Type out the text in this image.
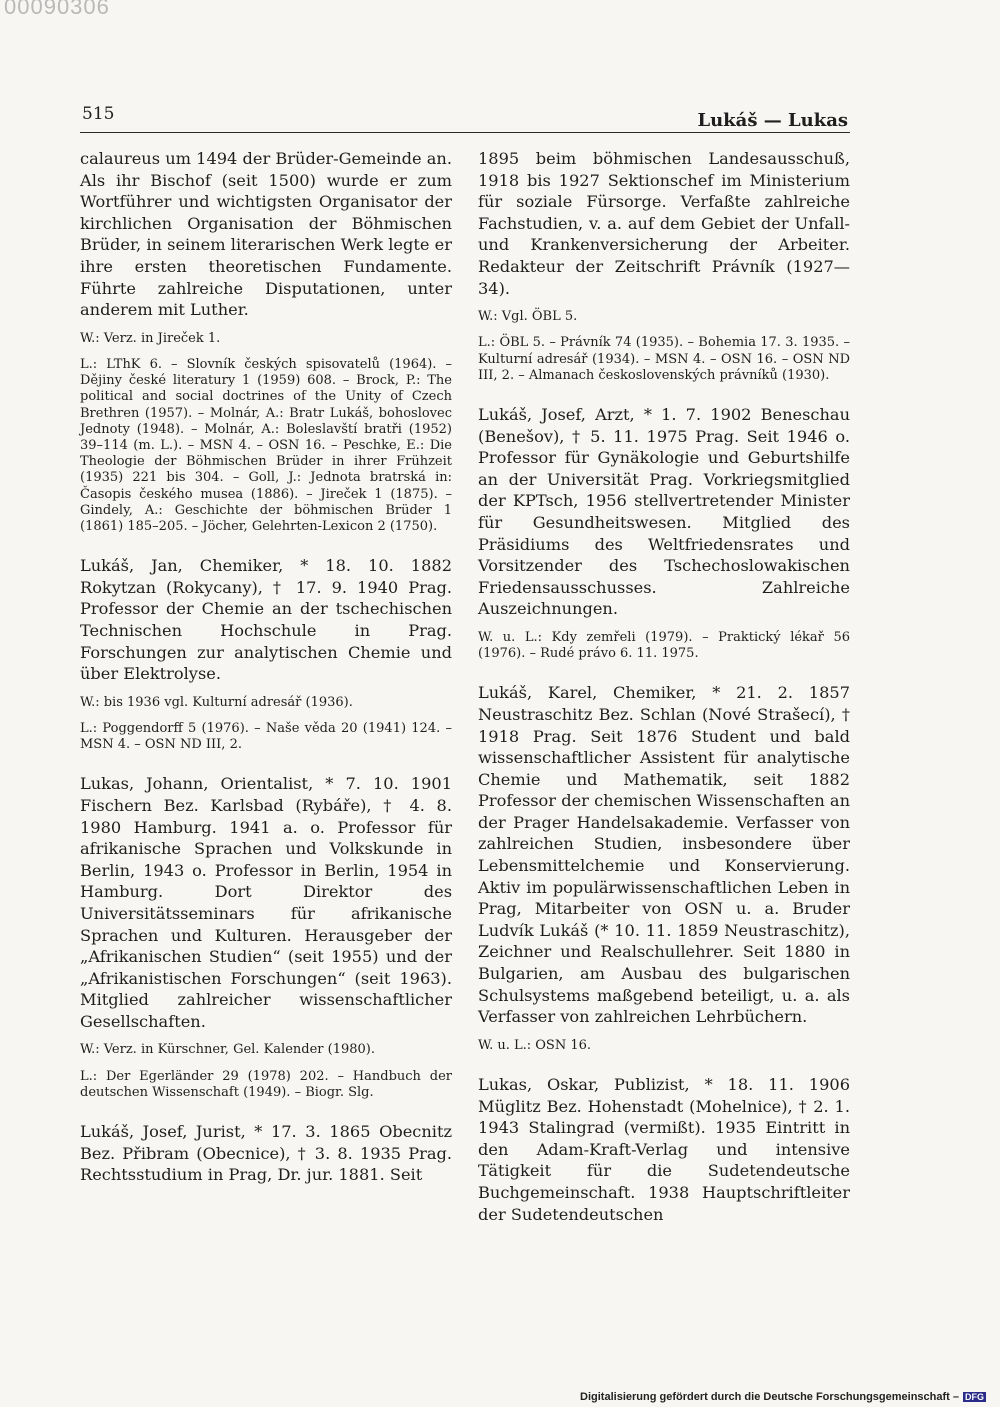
00090306
515	Lukáš — Lukas
calaureus um 1494 der Brüder-Gemeinde an. Als ihr Bischof (seit 1500) wurde er zum Wortführer und wichtigsten Organisator der kirchlichen Organisation der Böhmischen Brüder, in seinem literarischen Werk legte er ihre ersten theoretischen Fundamente. Führte zahlreiche Disputationen, unter anderem mit Luther.
W.: Verz. in Jireček 1.
L.: LThK 6. – Slovník českých spisovatelů (1964). – Dějiny české literatury 1 (1959) 608. – Brock, P.: The political and social doctrines of the Unity of Czech Brethren (1957). – Molnár, A.: Bratr Lukáš, bohoslovec Jednoty (1948). – Molnár, A.: Boleslavští bratři (1952) 39–114 (m. L.). – MSN 4. – OSN 16. – Peschke, E.: Die Theologie der Böhmischen Brüder in ihrer Frühzeit (1935) 221 bis 304. – Goll, J.: Jednota bratrská in: Časopis českého musea (1886). – Jireček 1 (1875). – Gindely, A.: Geschichte der böhmischen Brüder 1 (1861) 185–205. – Jöcher, Gelehrten-Lexicon 2 (1750).
Lukáš, Jan, Chemiker, * 18. 10. 1882 Rokytzan (Rokycany), † 17. 9. 1940 Prag. Professor der Chemie an der tschechischen Technischen Hochschule in Prag. Forschungen zur analytischen Chemie und über Elektrolyse.
W.: bis 1936 vgl. Kulturní adresář (1936).
L.: Poggendorff 5 (1976). – Naše věda 20 (1941) 124. – MSN 4. – OSN ND III, 2.
Lukas, Johann, Orientalist, * 7. 10. 1901 Fischern Bez. Karlsbad (Rybáře), † 4. 8. 1980 Hamburg. 1941 a. o. Professor für afrikanische Sprachen und Volkskunde in Berlin, 1943 o. Professor in Berlin, 1954 in Hamburg. Dort Direktor des Universitätsseminars für afrikanische Sprachen und Kulturen. Herausgeber der „Afrikanischen Studien“ (seit 1955) und der „Afrikanistischen Forschungen“ (seit 1963). Mitglied zahlreicher wissenschaftlicher Gesellschaften.
W.: Verz. in Kürschner, Gel. Kalender (1980).
L.: Der Egerländer 29 (1978) 202. – Handbuch der deutschen Wissenschaft (1949). – Biogr. Slg.
Lukáš, Josef, Jurist, * 17. 3. 1865 Obecnitz Bez. Přibram (Obecnice), † 3. 8. 1935 Prag. Rechtsstudium in Prag, Dr. jur. 1881. Seit
1895 beim böhmischen Landesausschuß, 1918 bis 1927 Sektionschef im Ministerium für soziale Fürsorge. Verfaßte zahlreiche Fachstudien, v. a. auf dem Gebiet der Unfall- und Krankenversicherung der Arbeiter. Redakteur der Zeitschrift Právník (1927—34).
W.: Vgl. ÖBL 5.
L.: ÖBL 5. – Právník 74 (1935). – Bohemia 17. 3. 1935. – Kulturní adresář (1934). – MSN 4. – OSN 16. – OSN ND III, 2. – Almanach československých právníků (1930).
Lukáš, Josef, Arzt, * 1. 7. 1902 Beneschau (Benešov), † 5. 11. 1975 Prag. Seit 1946 o. Professor für Gynäkologie und Geburtshilfe an der Universität Prag. Vorkriegsmitglied der KPTsch, 1956 stellvertretender Minister für Gesundheitswesen. Mitglied des Präsidiums des Weltfriedensrates und Vorsitzender des Tschechoslowakischen Friedensausschusses. Zahlreiche Auszeichnungen.
W. u. L.: Kdy zemřeli (1979). – Praktický lékař 56 (1976). – Rudé právo 6. 11. 1975.
Lukáš, Karel, Chemiker, * 21. 2. 1857 Neustraschitz Bez. Schlan (Nové Strašecí), † 1918 Prag. Seit 1876 Student und bald wissenschaftlicher Assistent für analytische Chemie und Mathematik, seit 1882 Professor der chemischen Wissenschaften an der Prager Handelsakademie. Verfasser von zahlreichen Studien, insbesondere über Lebensmittelchemie und Konservierung. Aktiv im populärwissenschaftlichen Leben in Prag, Mitarbeiter von OSN u. a. Bruder Ludvík Lukáš (* 10. 11. 1859 Neustraschitz), Zeichner und Realschullehrer. Seit 1880 in Bulgarien, am Ausbau des bulgarischen Schulsystems maßgebend beteiligt, u. a. als Verfasser von zahlreichen Lehrbüchern.
W. u. L.: OSN 16.
Lukas, Oskar, Publizist, * 18. 11. 1906 Müglitz Bez. Hohenstadt (Mohelnice), † 2. 1. 1943 Stalingrad (vermißt). 1935 Eintritt in den Adam-Kraft-Verlag und intensive Tätigkeit für die Sudetendeutsche Buchgemeinschaft. 1938 Hauptschriftleiter der Sudetendeutschen
Digitalisierung gefördert durch die Deutsche Forschungsgemeinschaft – DFG
